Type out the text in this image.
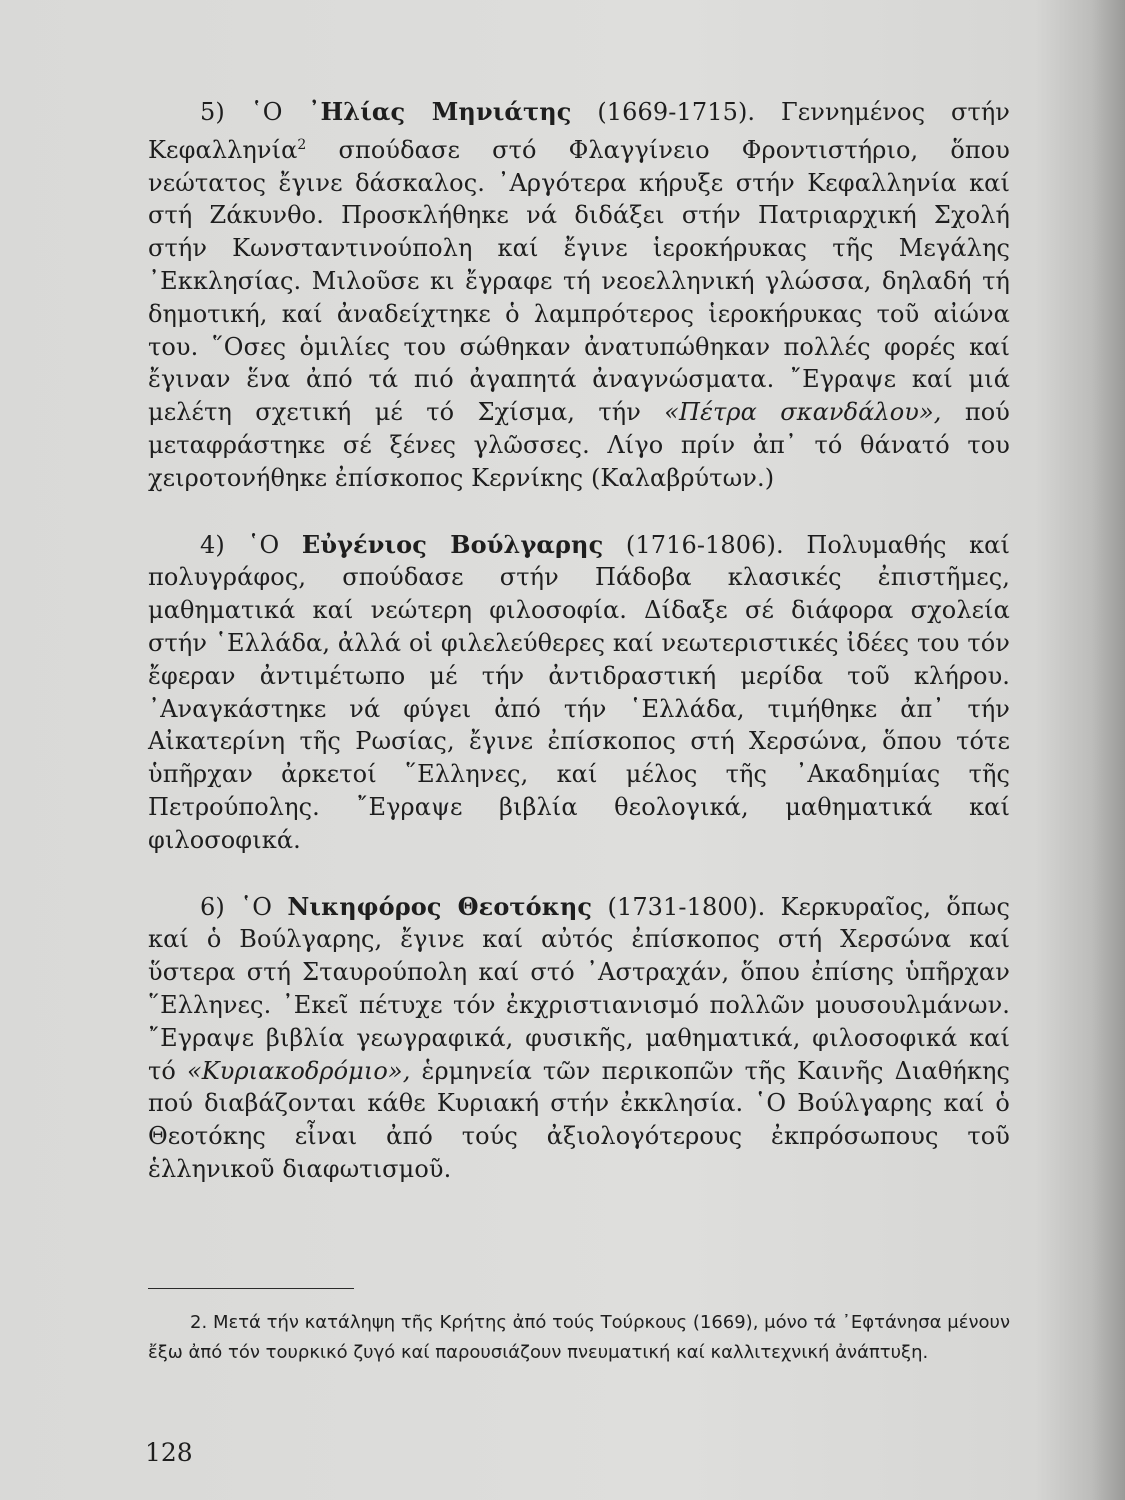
5) ῾Ο ᾿Ηλίας Μηνιάτης (1669-1715). Γεννημένος στήν Κεφαλληνία$^2$ σπούδασε στό Φλαγγίνειο Φροντιστήριο, ὅπου νεώτατος ἔγινε δάσκαλος. ᾿Αργότερα κήρυξε στήν Κεφαλληνία καί στή Ζάκυνθο. Προσκλήθηκε νά διδάξει στήν Πατριαρχική Σχολή στήν Κωνσταντινούπολη καί ἔγινε ἱεροκήρυκας τῆς Μεγάλης ᾿Εκκλησίας. Μιλοῦσε κι ἔγραφε τή νεοελληνική γλώσσα, δηλαδή τή δημοτική, καί ἀναδείχτηκε ὁ λαμπρότερος ἱεροκήρυκας τοῦ αἰώνα του. ῞Οσες ὁμιλίες του σώθηκαν ἀνατυπώθηκαν πολλές φορές καί ἔγιναν ἕνα ἀπό τά πιό ἀγαπητά ἀναγνώσματα. ῎Εγραψε καί μιά μελέτη σχετική μέ τό Σχίσμα, τήν «Πέτρα σκανδάλου», πού μεταφράστηκε σέ ξένες γλῶσσες. Λίγο πρίν ἀπ᾿ τό θάνατό του χειροτονήθηκε ἐπίσκοπος Κερνίκης (Καλαβρύτων.)

4) ῾Ο Εὐγένιος Βούλγαρης (1716-1806). Πολυμαθής καί πολυγράφος, σπούδασε στήν Πάδοβα κλασικές ἐπιστῆμες, μαθηματικά καί νεώτερη φιλοσοφία. Δίδαξε σέ διάφορα σχολεία στήν ῾Ελλάδα, ἀλλά οἱ φιλελεύθερες καί νεωτεριστικές ἰδέες του τόν ἔφεραν ἀντιμέτωπο μέ τήν ἀντιδραστική μερίδα τοῦ κλήρου. ᾿Αναγκάστηκε νά φύγει ἀπό τήν ῾Ελλάδα, τιμήθηκε ἀπ᾿ τήν Αἰκατερίνη τῆς Ρωσίας, ἔγινε ἐπίσκοπος στή Χερσώνα, ὅπου τότε ὑπῆρχαν ἀρκετοί ῞Ελληνες, καί μέλος τῆς ᾿Ακαδημίας τῆς Πετρούπολης. ῎Εγραψε βιβλία θεολογικά, μαθηματικά καί φιλοσοφικά.

6) ῾Ο Νικηφόρος Θεοτόκης (1731-1800). Κερκυραῖος, ὅπως καί ὁ Βούλγαρης, ἔγινε καί αὐτός ἐπίσκοπος στή Χερσώνα καί ὕστερα στή Σταυρούπολη καί στό ᾿Αστραχάν, ὅπου ἐπίσης ὑπῆρχαν ῞Ελληνες. ᾿Εκεῖ πέτυχε τόν ἐκχριστιανισμό πολλῶν μουσουλμάνων. ῎Εγραψε βιβλία γεωγραφικά, φυσικῆς, μαθηματικά, φιλοσοφικά καί τό «Κυριακοδρόμιο», ἑρμηνεία τῶν περικοπῶν τῆς Καινῆς Διαθήκης πού διαβάζονται κάθε Κυριακή στήν ἐκκλησία. ῾Ο Βούλγαρης καί ὁ Θεοτόκης εἶναι ἀπό τούς ἀξιολογότερους ἐκπρόσωπους τοῦ ἑλληνικοῦ διαφωτισμοῦ.

2. Μετά τήν κατάληψη τῆς Κρήτης ἀπό τούς Τούρκους (1669), μόνο τά ᾿Εφτάνησα μένουν ἔξω ἀπό τόν τουρκικό ζυγό καί παρουσιάζουν πνευματική καί καλλιτεχνική ἀνάπτυξη.

128
